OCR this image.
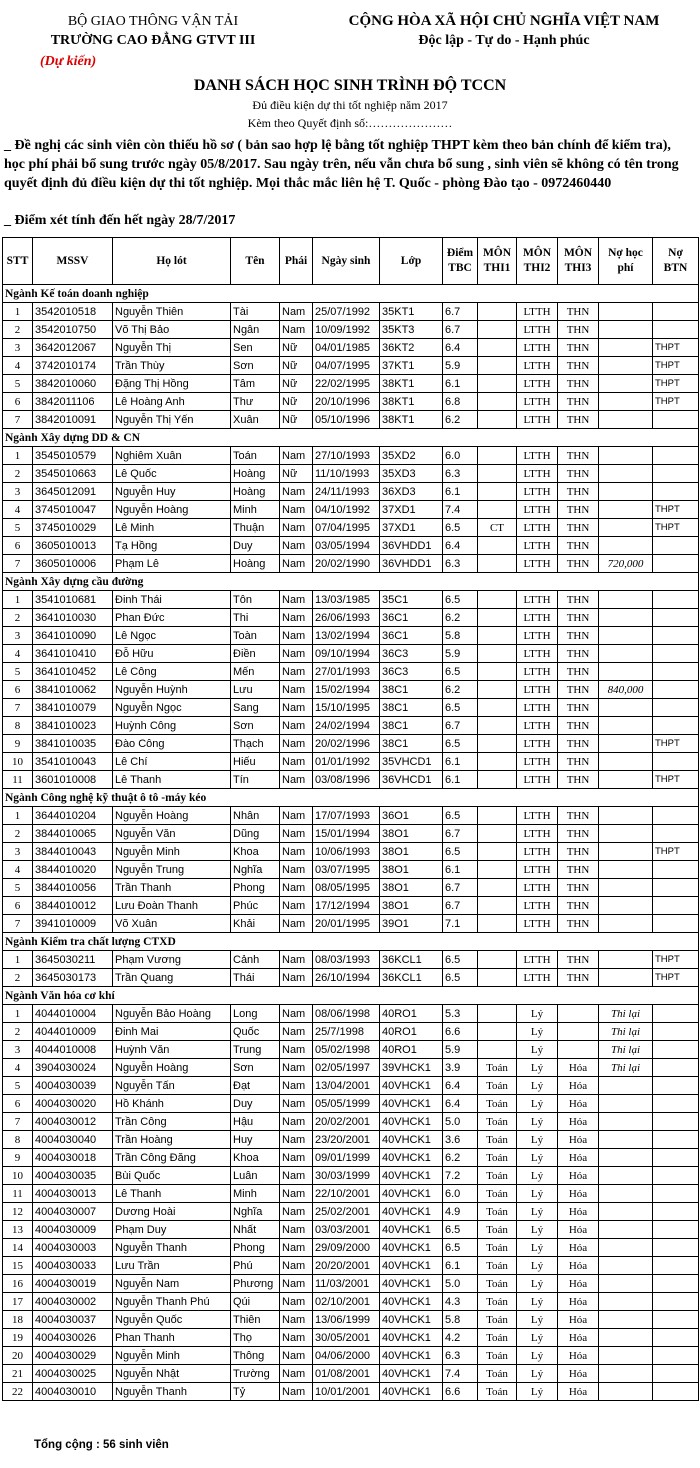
BỘ GIAO THÔNG VẬN TẢI
TRƯỜNG CAO ĐẲNG GTVT III
CỘNG HÒA XÃ HỘI CHỦ NGHĨA VIỆT NAM
Độc lập - Tự do - Hạnh phúc
(Dự kiến)
DANH SÁCH HỌC SINH TRÌNH ĐỘ TCCN
Đủ điều kiện dự thi tốt nghiệp năm 2017
Kèm theo Quyết định số:…………………
_ Đề nghị các sinh viên còn thiếu hồ sơ ( bản sao hợp lệ bằng tốt nghiệp THPT kèm theo bản chính để kiểm tra), học phí phải bổ sung trước ngày 05/8/2017. Sau ngày trên, nếu vẫn chưa bổ sung , sinh viên sẽ không có tên trong quyết định đủ điều kiện dự thi tốt nghiệp. Mọi thắc mắc liên hệ T. Quốc - phòng Đào tạo - 0972460440
_ Điểm xét tính đến hết ngày 28/7/2017
STT	MSSV	Họ lót	Tên	Phái	Ngày sinh	Lớp	Điểm TBC	MÔN THI1	MÔN THI2	MÔN THI3	Nợ học phí	Nợ BTN
Ngành Kế toán doanh nghiệp												
1	3542010518	Nguyễn Thiên	Tài	Nam	25/07/1992	35KT1	6.7		LTTH	THN		
2	3542010750	Võ Thị Bảo	Ngân	Nam	10/09/1992	35KT3	6.7		LTTH	THN		
3	3642012067	Nguyễn Thị	Sen	Nữ	04/01/1985	36KT2	6.4		LTTH	THN		THPT
4	3742010174	Trần Thùy	Sơn	Nữ	04/07/1995	37KT1	5.9		LTTH	THN		THPT
5	3842010060	Đặng Thị Hồng	Tâm	Nữ	22/02/1995	38KT1	6.1		LTTH	THN		THPT
6	3842011106	Lê Hoàng Anh	Thư	Nữ	20/10/1996	38KT1	6.8		LTTH	THN		THPT
7	3842010091	Nguyễn Thị Yến	Xuân	Nữ	05/10/1996	38KT1	6.2		LTTH	THN		
Ngành Xây dựng DD & CN												
1	3545010579	Nghiêm Xuân	Toán	Nam	27/10/1993	35XD2	6.0		LTTH	THN		
2	3545010663	Lê Quốc	Hoàng	Nữ	11/10/1993	35XD3	6.3		LTTH	THN		
3	3645012091	Nguyễn Huy	Hoàng	Nam	24/11/1993	36XD3	6.1		LTTH	THN		
4	3745010047	Nguyễn Hoàng	Minh	Nam	04/10/1992	37XD1	7.4		LTTH	THN		THPT
5	3745010029	Lê Minh	Thuận	Nam	07/04/1995	37XD1	6.5	CT	LTTH	THN		THPT
6	3605010013	Tạ Hồng	Duy	Nam	03/05/1994	36VHDD1	6.4		LTTH	THN		
7	3605010006	Phạm Lê	Hoàng	Nam	20/02/1990	36VHDD1	6.3		LTTH	THN	720,000	
Ngành Xây dựng cầu đường												
1	3541010681	Đinh Thái	Tôn	Nam	13/03/1985	35C1	6.5		LTTH	THN		
2	3641010030	Phan Đức	Thi	Nam	26/06/1993	36C1	6.2		LTTH	THN		
3	3641010090	Lê Ngọc	Toàn	Nam	13/02/1994	36C1	5.8		LTTH	THN		
4	3641010410	Đỗ Hữu	Điền	Nam	09/10/1994	36C3	5.9		LTTH	THN		
5	3641010452	Lê Công	Mến	Nam	27/01/1993	36C3	6.5		LTTH	THN		
6	3841010062	Nguyễn Huỳnh	Lưu	Nam	15/02/1994	38C1	6.2		LTTH	THN	840,000	
7	3841010079	Nguyễn Ngọc	Sang	Nam	15/10/1995	38C1	6.5		LTTH	THN		
8	3841010023	Huỳnh Công	Sơn	Nam	24/02/1994	38C1	6.7		LTTH	THN		
9	3841010035	Đào Công	Thạch	Nam	20/02/1996	38C1	6.5		LTTH	THN		THPT
10	3541010043	Lê Chí	Hiếu	Nam	01/01/1992	35VHCD1	6.1		LTTH	THN		
11	3601010008	Lê Thanh	Tín	Nam	03/08/1996	36VHCD1	6.1		LTTH	THN		THPT
Ngành Công nghệ kỹ thuật ô tô -máy kéo												
1	3644010204	Nguyễn Hoàng	Nhân	Nam	17/07/1993	36O1	6.5		LTTH	THN		
2	3844010065	Nguyễn Văn	Dũng	Nam	15/01/1994	38O1	6.7		LTTH	THN		
3	3844010043	Nguyễn Minh	Khoa	Nam	10/06/1993	38O1	6.5		LTTH	THN		THPT
4	3844010020	Nguyễn Trung	Nghĩa	Nam	03/07/1995	38O1	6.1		LTTH	THN		
5	3844010056	Trần Thanh	Phong	Nam	08/05/1995	38O1	6.7		LTTH	THN		
6	3844010012	Lưu Đoàn Thanh	Phúc	Nam	17/12/1994	38O1	6.7		LTTH	THN		
7	3941010009	Võ Xuân	Khải	Nam	20/01/1995	39O1	7.1		LTTH	THN		
Ngành Kiểm tra chất lượng CTXD												
1	3645030211	Phạm Vương	Cảnh	Nam	08/03/1993	36KCL1	6.5		LTTH	THN		THPT
2	3645030173	Trần Quang	Thái	Nam	26/10/1994	36KCL1	6.5		LTTH	THN		THPT
Ngành Văn hóa cơ khí												
1	4044010004	Nguyễn Bảo Hoàng	Long	Nam	08/06/1998	40RO1	5.3		Lý		Thi lại	
2	4044010009	Đinh Mai	Quốc	Nam	25/7/1998	40RO1	6.6		Lý		Thi lại	
3	4044010008	Huỳnh Văn	Trung	Nam	05/02/1998	40RO1	5.9		Lý		Thi lại	
4	3904030024	Nguyễn Hoàng	Sơn	Nam	02/05/1997	39VHCK1	3.9	Toán	Lý	Hóa	Thi lại	
5	4004030039	Nguyễn Tấn	Đạt	Nam	13/04/2001	40VHCK1	6.4	Toán	Lý	Hóa		
6	4004030020	Hồ Khánh	Duy	Nam	05/05/1999	40VHCK1	6.4	Toán	Lý	Hóa		
7	4004030012	Trần Công	Hậu	Nam	20/02/2001	40VHCK1	5.0	Toán	Lý	Hóa		
8	4004030040	Trần Hoàng	Huy	Nam	23/20/2001	40VHCK1	3.6	Toán	Lý	Hóa		
9	4004030018	Trần Công Đăng	Khoa	Nam	09/01/1999	40VHCK1	6.2	Toán	Lý	Hóa		
10	4004030035	Bùi Quốc	Luân	Nam	30/03/1999	40VHCK1	7.2	Toán	Lý	Hóa		
11	4004030013	Lê Thanh	Minh	Nam	22/10/2001	40VHCK1	6.0	Toán	Lý	Hóa		
12	4004030007	Dương Hoài	Nghĩa	Nam	25/02/2001	40VHCK1	4.9	Toán	Lý	Hóa		
13	4004030009	Phạm Duy	Nhất	Nam	03/03/2001	40VHCK1	6.5	Toán	Lý	Hóa		
14	4004030003	Nguyễn Thanh	Phong	Nam	29/09/2000	40VHCK1	6.5	Toán	Lý	Hóa		
15	4004030033	Lưu Trần	Phú	Nam	20/20/2001	40VHCK1	6.1	Toán	Lý	Hóa		
16	4004030019	Nguyễn Nam	Phương	Nam	11/03/2001	40VHCK1	5.0	Toán	Lý	Hóa		
17	4004030002	Nguyễn Thanh Phú	Qúi	Nam	02/10/2001	40VHCK1	4.3	Toán	Lý	Hóa		
18	4004030037	Nguyễn Quốc	Thiên	Nam	13/06/1999	40VHCK1	5.8	Toán	Lý	Hóa		
19	4004030026	Phan Thanh	Thọ	Nam	30/05/2001	40VHCK1	4.2	Toán	Lý	Hóa		
20	4004030029	Nguyễn Minh	Thông	Nam	04/06/2000	40VHCK1	6.3	Toán	Lý	Hóa		
21	4004030025	Nguyễn Nhật	Trường	Nam	01/08/2001	40VHCK1	7.4	Toán	Lý	Hóa		
22	4004030010	Nguyễn Thanh	Tỷ	Nam	10/01/2001	40VHCK1	6.6	Toán	Lý	Hóa		
Tổng cộng : 56 sinh viên
